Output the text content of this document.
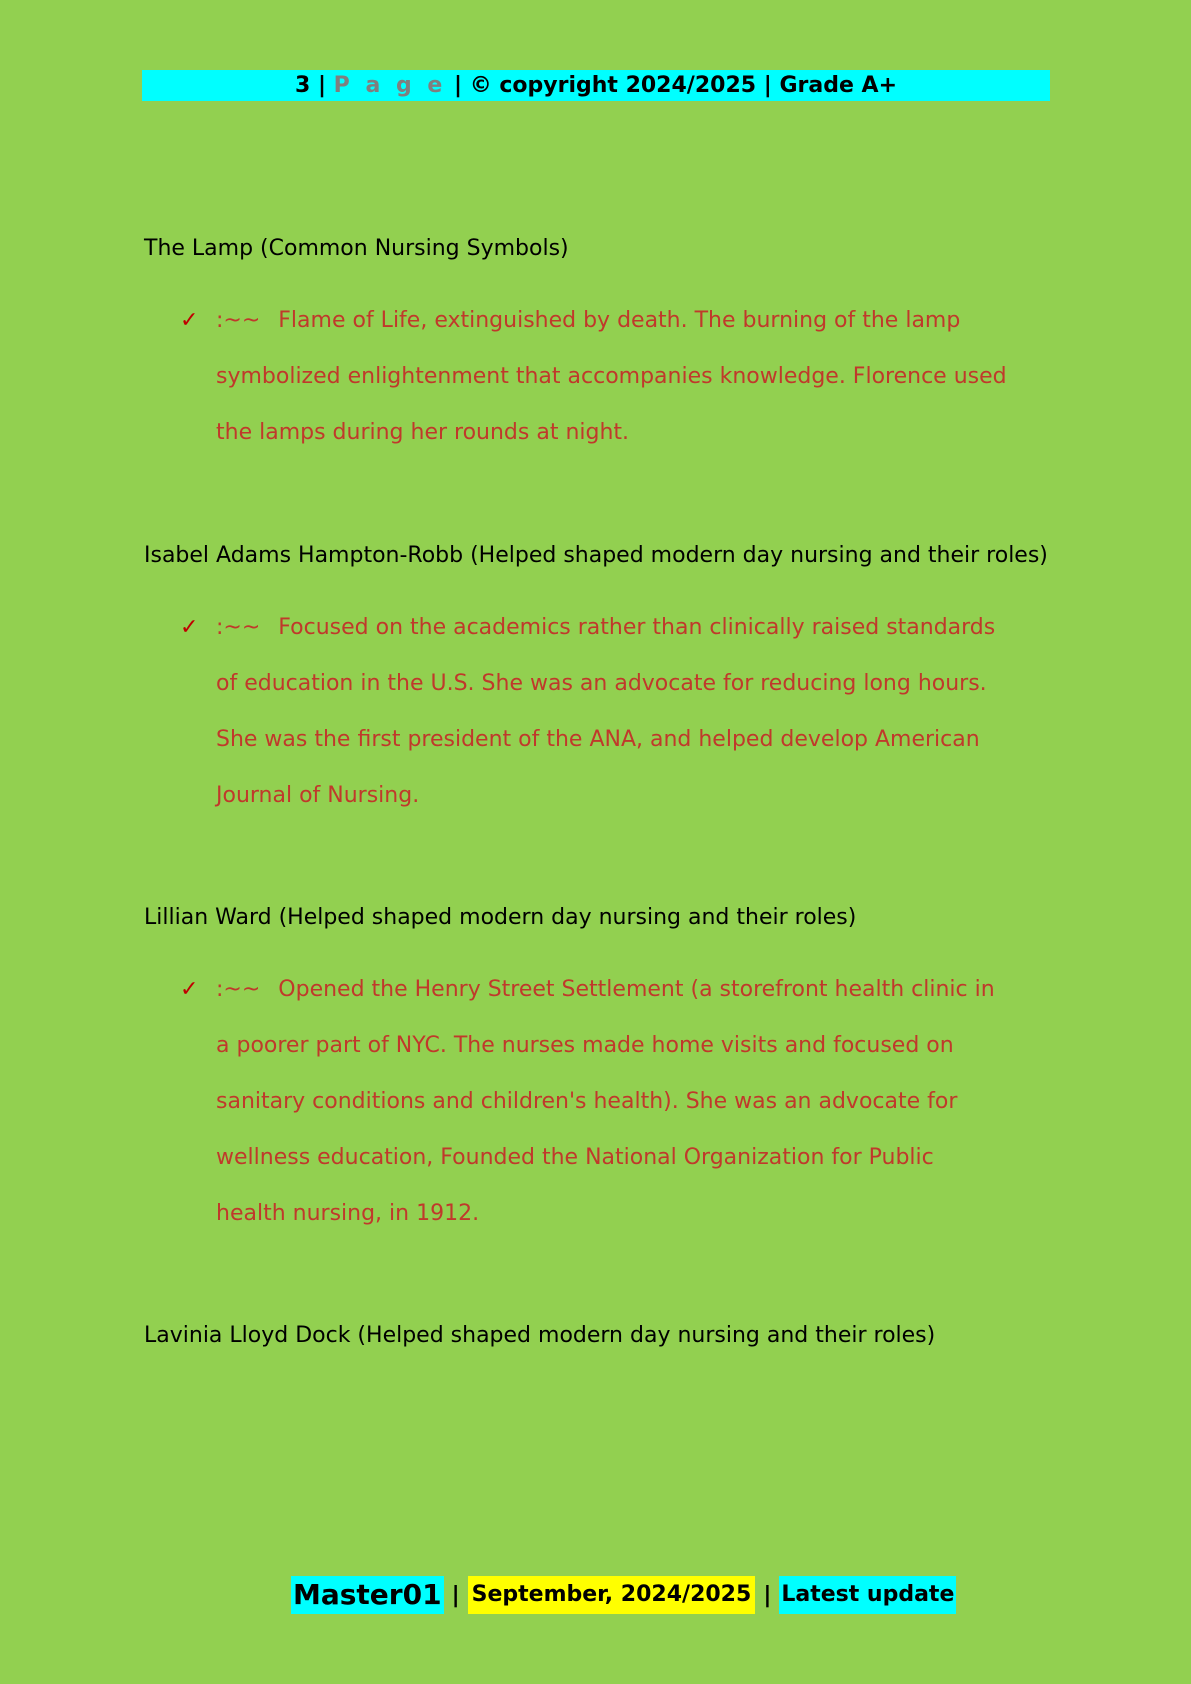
3 | P a g e | © copyright 2024/2025 | Grade A+
The Lamp (Common Nursing Symbols)
✓ :~~ Flame of Life, extinguished by death. The burning of the lamp symbolized enlightenment that accompanies knowledge. Florence used the lamps during her rounds at night.
Isabel Adams Hampton-Robb (Helped shaped modern day nursing and their roles)
✓ :~~ Focused on the academics rather than clinically raised standards of education in the U.S. She was an advocate for reducing long hours. She was the first president of the ANA, and helped develop American Journal of Nursing.
Lillian Ward (Helped shaped modern day nursing and their roles)
✓ :~~ Opened the Henry Street Settlement (a storefront health clinic in a poorer part of NYC. The nurses made home visits and focused on sanitary conditions and children's health). She was an advocate for wellness education, Founded the National Organization for Public health nursing, in 1912.
Lavinia Lloyd Dock (Helped shaped modern day nursing and their roles)
Master01 | September, 2024/2025 | Latest update
